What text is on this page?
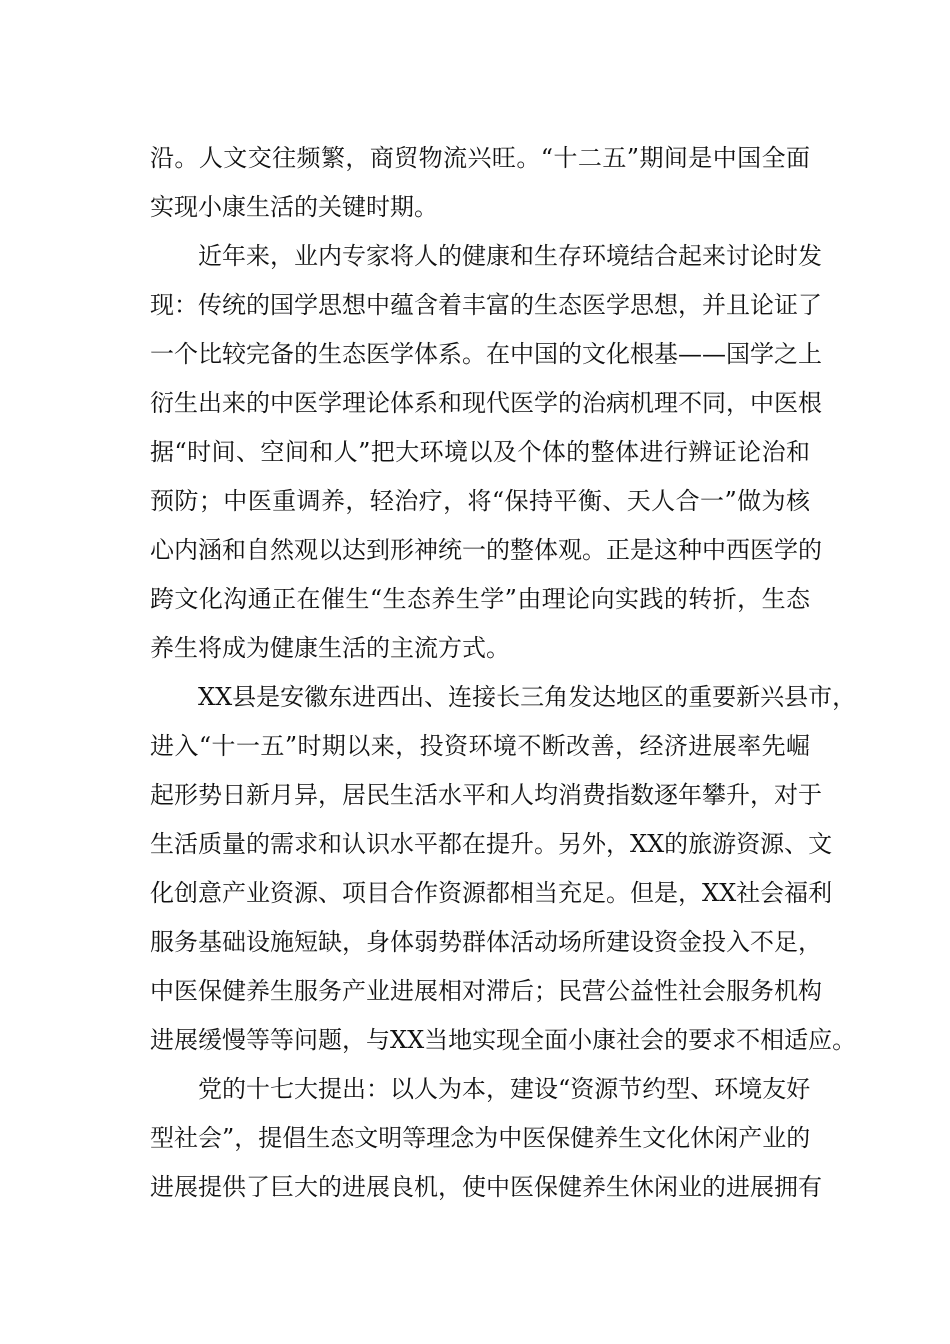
沿。人文交往频繁，商贸物流兴旺。“十二五”期间是中国全面
实现小康生活的关键时期。
近年来，业内专家将人的健康和生存环境结合起来讨论时发
现：传统的国学思想中蕴含着丰富的生态医学思想，并且论证了
一个比较完备的生态医学体系。在中国的文化根基——国学之上
衍生出来的中医学理论体系和现代医学的治病机理不同，中医根
据“时间、空间和人”把大环境以及个体的整体进行辨证论治和
预防；中医重调养，轻治疗，将“保持平衡、天人合一”做为核
心内涵和自然观以达到形神统一的整体观。正是这种中西医学的
跨文化沟通正在催生“生态养生学”由理论向实践的转折，生态
养生将成为健康生活的主流方式。
XX县是安徽东进西出、连接长三角发达地区的重要新兴县市，
进入“十一五”时期以来，投资环境不断改善，经济进展率先崛
起形势日新月异，居民生活水平和人均消费指数逐年攀升，对于
生活质量的需求和认识水平都在提升。另外，XX的旅游资源、文
化创意产业资源、项目合作资源都相当充足。但是，XX社会福利
服务基础设施短缺，身体弱势群体活动场所建设资金投入不足，
中医保健养生服务产业进展相对滞后；民营公益性社会服务机构
进展缓慢等等问题，与XX当地实现全面小康社会的要求不相适应。
党的十七大提出：以人为本，建设“资源节约型、环境友好
型社会”，提倡生态文明等理念为中医保健养生文化休闲产业的
进展提供了巨大的进展良机，使中医保健养生休闲业的进展拥有
